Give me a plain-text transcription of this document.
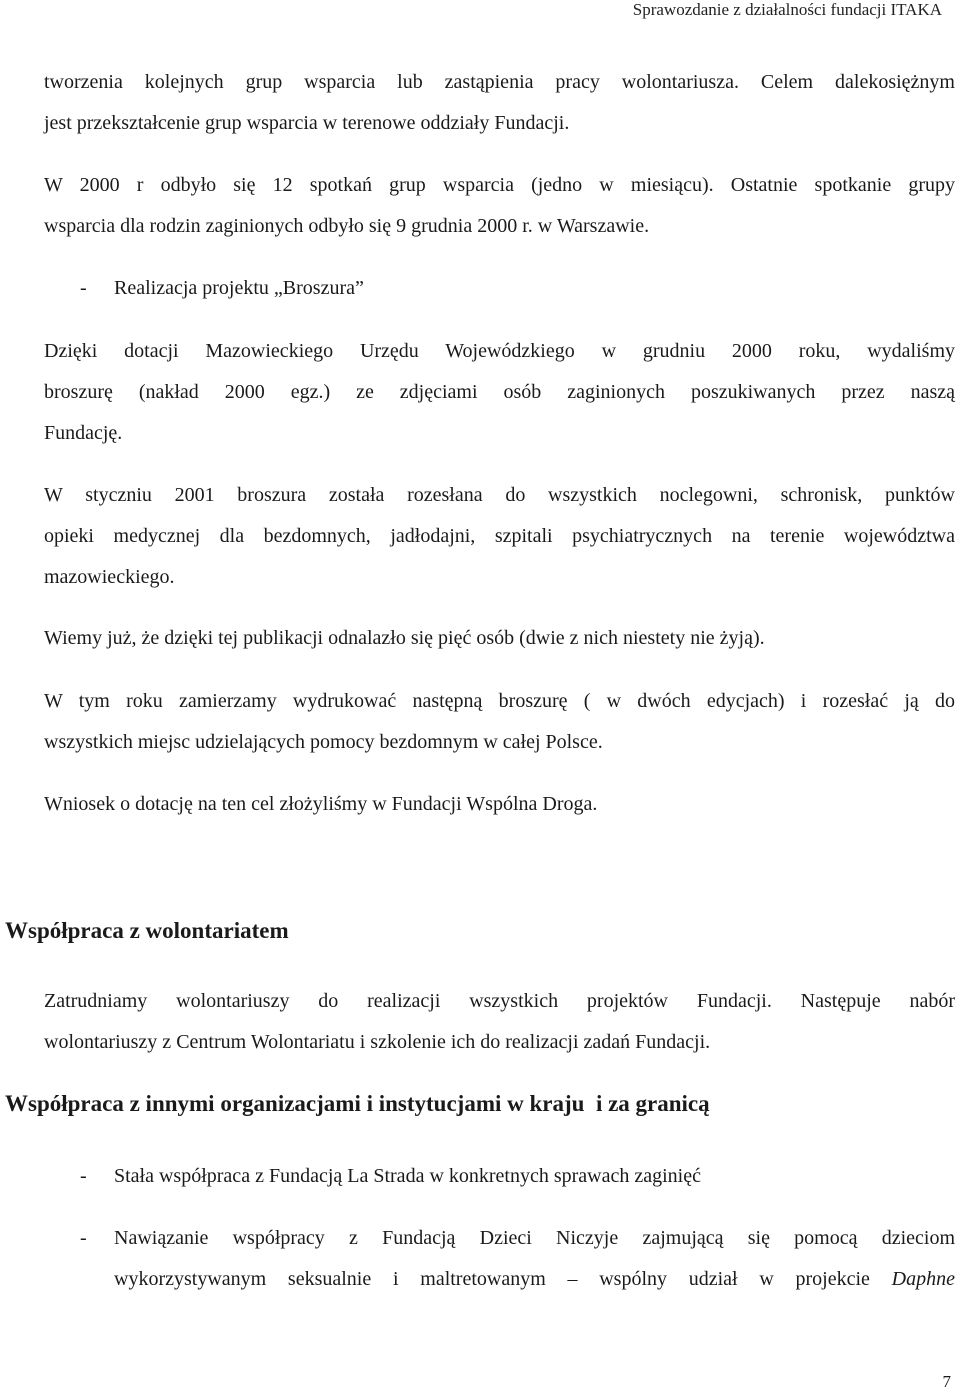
Sprawozdanie z działalności fundacji ITAKA
tworzenia kolejnych grup wsparcia lub zastąpienia pracy wolontariusza. Celem dalekosiężnym
jest przekształcenie grup wsparcia w terenowe oddziały Fundacji.
W 2000 r odbyło się 12 spotkań grup wsparcia (jedno w miesiącu). Ostatnie spotkanie grupy
wsparcia dla rodzin zaginionych odbyło się 9 grudnia 2000 r. w Warszawie.
- Realizacja projektu „Broszura”
Dzięki dotacji Mazowieckiego Urzędu Wojewódzkiego w grudniu 2000 roku, wydaliśmy
broszurę (nakład 2000 egz.) ze zdjęciami osób zaginionych poszukiwanych przez naszą
Fundację.
W styczniu 2001 broszura została rozesłana do wszystkich noclegowni, schronisk, punktów
opieki medycznej dla bezdomnych, jadłodajni, szpitali psychiatrycznych na terenie województwa
mazowieckiego.
Wiemy już, że dzięki tej publikacji odnalazło się pięć osób (dwie z nich niestety nie żyją).
W tym roku zamierzamy wydrukować następną broszurę ( w dwóch edycjach) i rozesłać ją do
wszystkich miejsc udzielających pomocy bezdomnym w całej Polsce.
Wniosek o dotację na ten cel złożyliśmy w Fundacji Wspólna Droga.
Współpraca z wolontariatem
Zatrudniamy wolontariuszy do realizacji wszystkich projektów Fundacji. Następuje nabór
wolontariuszy z Centrum Wolontariatu i szkolenie ich do realizacji zadań Fundacji.
Współpraca z innymi organizacjami i instytucjami w kraju  i za granicą
- Stała współpraca z Fundacją La Strada w konkretnych sprawach zaginięć
- Nawiązanie współpracy z Fundacją Dzieci Niczyje zajmującą się pomocą dzieciom
wykorzystywanym seksualnie i maltretowanym – wspólny udział w projekcie Daphne
7
